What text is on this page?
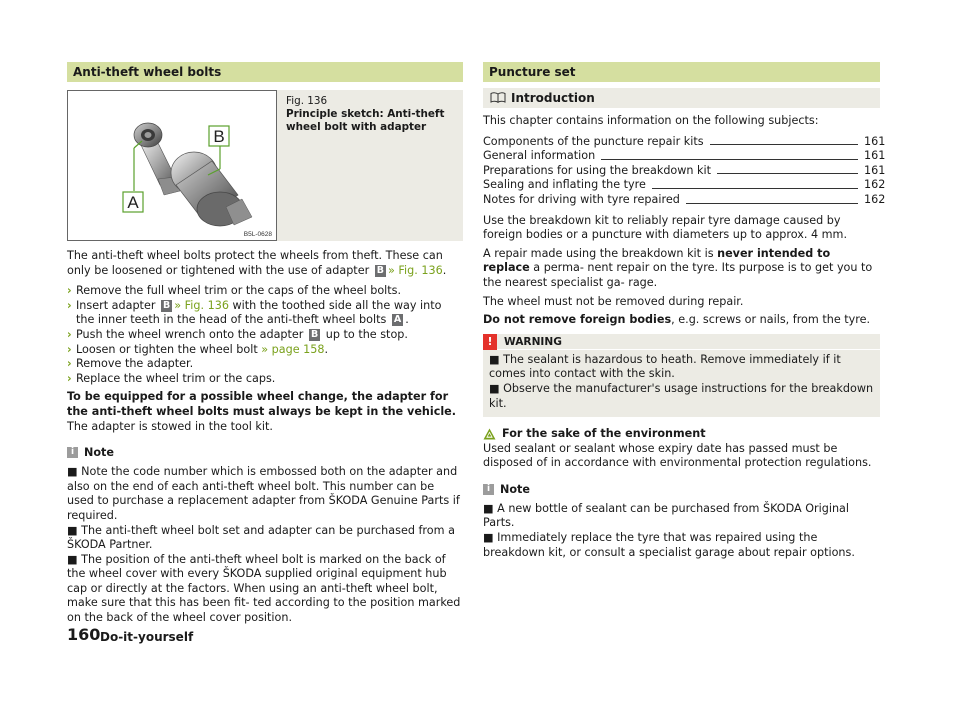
Anti-theft wheel bolts
A
B
B5L-0628
Fig. 136
Principle sketch: Anti-theft wheel bolt with adapter

The anti-theft wheel bolts protect the wheels from theft. These can only be loosened or tightened with the use of adapter B » Fig. 136.

› Remove the full wheel trim or the caps of the wheel bolts.
› Insert adapter B » Fig. 136 with the toothed side all the way into the inner teeth in the head of the anti-theft wheel bolts A .
› Push the wheel wrench onto the adapter B up to the stop.
› Loosen or tighten the wheel bolt » page 158.
› Remove the adapter.
› Replace the wheel trim or the caps.

To be equipped for a possible wheel change, the adapter for the anti-theft wheel bolts must always be kept in the vehicle. The adapter is stowed in the tool kit.

i Note

■ Note the code number which is embossed both on the adapter and also on the end of each anti-theft wheel bolt. This number can be used to purchase a replacement adapter from ŠKODA Genuine Parts if required.

■ The anti-theft wheel bolt set and adapter can be purchased from a ŠKODA Partner.

■ The position of the anti-theft wheel bolt is marked on the back of the wheel cover with every ŠKODA supplied original equipment hub cap or directly at the factors. When using an anti-theft wheel bolt, make sure that this has been fit- ted according to the position marked on the back of the wheel cover position.

Puncture set
Introduction

This chapter contains information on the following subjects:

Components of the puncture repair kits	161
General information	161
Preparations for using the breakdown kit	161
Sealing and inflating the tyre	162
Notes for driving with tyre repaired	162

Use the breakdown kit to reliably repair tyre damage caused by foreign bodies or a puncture with diameters up to approx. 4 mm.

A repair made using the breakdown kit is never intended to replace a perma- nent repair on the tyre. Its purpose is to get you to the nearest specialist ga- rage.

The wheel must not be removed during repair.

Do not remove foreign bodies, e.g. screws or nails, from the tyre.

!	WARNING

■ The sealant is hazardous to heath. Remove immediately if it comes into contact with the skin.

■ Observe the manufacturer's usage instructions for the breakdown kit.

For the sake of the environment

Used sealant or sealant whose expiry date has passed must be disposed of in accordance with environmental protection regulations.

i Note

■ A new bottle of sealant can be purchased from ŠKODA Original Parts.

■ Immediately replace the tyre that was repaired using the breakdown kit, or consult a specialist garage about repair options.

160 Do-it-yourself
